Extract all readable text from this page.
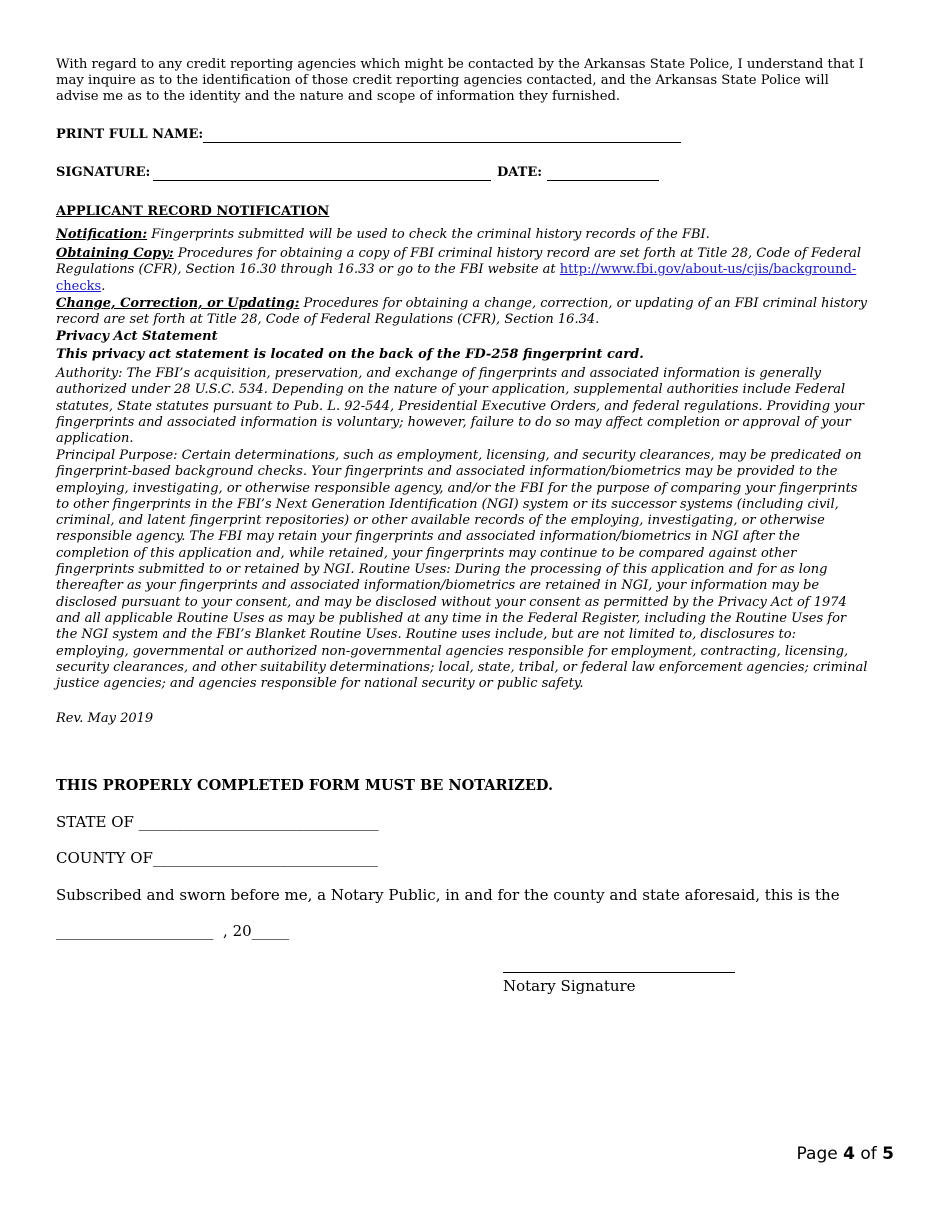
With regard to any credit reporting agencies which might be contacted by the Arkansas State Police, I understand that I may inquire as to the identification of those credit reporting agencies contacted, and the Arkansas State Police will advise me as to the identity and the nature and scope of information they furnished.
PRINT FULL NAME:
SIGNATURE:	DATE:
APPLICANT RECORD NOTIFICATION
Notification: Fingerprints submitted will be used to check the criminal history records of the FBI.
Obtaining Copy: Procedures for obtaining a copy of FBI criminal history record are set forth at Title 28, Code of Federal Regulations (CFR), Section 16.30 through 16.33 or go to the FBI website at http://www.fbi.gov/about-us/cjis/background- checks.
Change, Correction, or Updating: Procedures for obtaining a change, correction, or updating of an FBI criminal history record are set forth at Title 28, Code of Federal Regulations (CFR), Section 16.34.
Privacy Act Statement
This privacy act statement is located on the back of the FD-258 fingerprint card.
Authority: The FBI’s acquisition, preservation, and exchange of fingerprints and associated information is generally authorized under 28 U.S.C. 534. Depending on the nature of your application, supplemental authorities include Federal statutes, State statutes pursuant to Pub. L. 92-544, Presidential Executive Orders, and federal regulations. Providing your fingerprints and associated information is voluntary; however, failure to do so may affect completion or approval of your application.
Principal Purpose: Certain determinations, such as employment, licensing, and security clearances, may be predicated on fingerprint-based background checks. Your fingerprints and associated information/biometrics may be provided to the employing, investigating, or otherwise responsible agency, and/or the FBI for the purpose of comparing your fingerprints to other fingerprints in the FBI’s Next Generation Identification (NGI) system or its successor systems (including civil, criminal, and latent fingerprint repositories) or other available records of the employing, investigating, or otherwise responsible agency. The FBI may retain your fingerprints and associated information/biometrics in NGI after the completion of this application and, while retained, your fingerprints may continue to be compared against other fingerprints submitted to or retained by NGI. Routine Uses: During the processing of this application and for as long thereafter as your fingerprints and associated information/biometrics are retained in NGI, your information may be disclosed pursuant to your consent, and may be disclosed without your consent as permitted by the Privacy Act of 1974 and all applicable Routine Uses as may be published at any time in the Federal Register, including the Routine Uses for the NGI system and the FBI’s Blanket Routine Uses. Routine uses include, but are not limited to, disclosures to: employing, governmental or authorized non-governmental agencies responsible for employment, contracting, licensing, security clearances, and other suitability determinations; local, state, tribal, or federal law enforcement agencies; criminal justice agencies; and agencies responsible for national security or public safety.
Rev. May 2019
THIS PROPERLY COMPLETED FORM MUST BE NOTARIZED.
STATE OF ________________________________
COUNTY OF______________________________
Subscribed and sworn before me, a Notary Public, in and for the county and state aforesaid, this is the
_____________________  , 20_____
Notary Signature
Page 4 of 5
